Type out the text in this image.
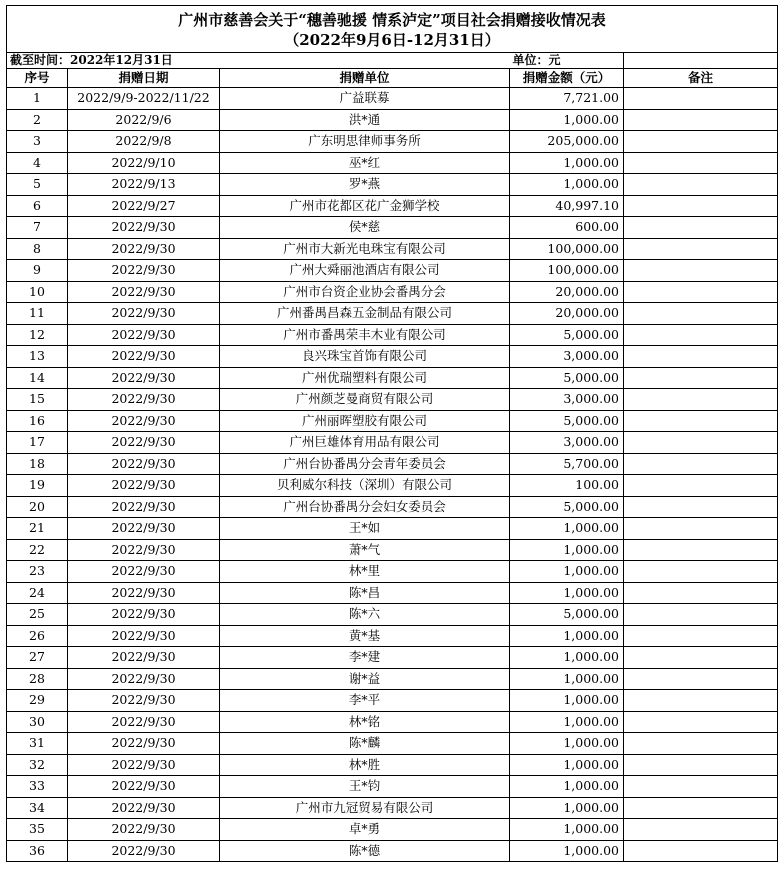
广州市慈善会关于“穗善驰援 情系泸定”项目社会捐赠接收情况表
（2022年9月6日-12月31日）				

截至时间：2022年12月31日			单位：元	
序号	捐赠日期	捐赠单位	捐赠金额（元）	备注
1	2022/9/9-2022/11/22	广益联募	7,721.00	
2	2022/9/6	洪*通	1,000.00	
3	2022/9/8	广东明思律师事务所	205,000.00	
4	2022/9/10	巫*红	1,000.00	
5	2022/9/13	罗*燕	1,000.00	
6	2022/9/27	广州市花都区花广金狮学校	40,997.10	
7	2022/9/30	侯*慈	600.00	
8	2022/9/30	广州市大新光电珠宝有限公司	100,000.00	
9	2022/9/30	广州大舜丽池酒店有限公司	100,000.00	
10	2022/9/30	广州市台资企业协会番禺分会	20,000.00	
11	2022/9/30	广州番禺昌森五金制品有限公司	20,000.00	
12	2022/9/30	广州市番禺荣丰木业有限公司	5,000.00	
13	2022/9/30	良兴珠宝首饰有限公司	3,000.00	
14	2022/9/30	广州优瑞塑料有限公司	5,000.00	
15	2022/9/30	广州颜芝曼商贸有限公司	3,000.00	
16	2022/9/30	广州丽晖塑胶有限公司	5,000.00	
17	2022/9/30	广州巨雄体育用品有限公司	3,000.00	
18	2022/9/30	广州台协番禺分会青年委员会	5,700.00	
19	2022/9/30	贝利威尔科技（深圳）有限公司	100.00	
20	2022/9/30	广州台协番禺分会妇女委员会	5,000.00	
21	2022/9/30	王*如	1,000.00	
22	2022/9/30	萧*气	1,000.00	
23	2022/9/30	林*里	1,000.00	
24	2022/9/30	陈*昌	1,000.00	
25	2022/9/30	陈*六	5,000.00	
26	2022/9/30	黄*基	1,000.00	
27	2022/9/30	李*建	1,000.00	
28	2022/9/30	谢*益	1,000.00	
29	2022/9/30	李*平	1,000.00	
30	2022/9/30	林*铭	1,000.00	
31	2022/9/30	陈*麟	1,000.00	
32	2022/9/30	林*胜	1,000.00	
33	2022/9/30	王*钧	1,000.00	
34	2022/9/30	广州市九冠贸易有限公司	1,000.00	
35	2022/9/30	卓*勇	1,000.00	
36	2022/9/30	陈*德	1,000.00	
